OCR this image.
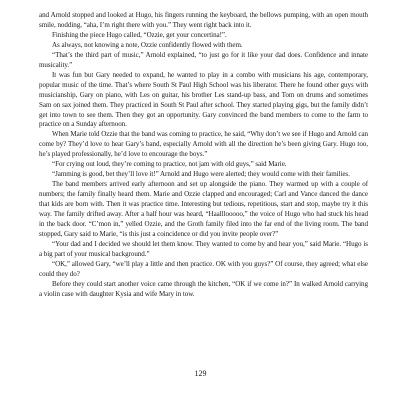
and Arnold stopped and looked at Hugo, his fingers running the keyboard, the bellows pumping, with an open mouth smile, nodding, “aha, I’m right there with you.” They went right back into it.

Finishing the piece Hugo called, “Ozzie, get your concertina!”.

As always, not knowing a note, Ozzie confidently flowed with them.

“That’s the third part of music,” Arnold explained, “to just go for it like your dad does. Confidence and innate musicality.”

It was fun but Gary needed to expand, he wanted to play in a combo with musicians his age, contemporary, popular music of the time. That’s where South St Paul High School was his liberator. There he found other guys with musicianship, Gary on piano, with Les on guitar, his brother Les stand-up bass, and Tom on drums and sometimes Sam on sax joined them. They practiced in South St Paul after school. They started playing gigs, but the family didn’t get into town to see them. Then they got an opportunity. Gary convinced the band members to come to the farm to practice on a Sunday afternoon.

When Marie told Ozzie that the band was coming to practice, he said, “Why don’t we see if Hugo and Arnold can come by? They’d love to hear Gary’s band, especially Arnold with all the direction he’s been giving Gary. Hugo too, he’s played professionally, he’d love to encourage the boys.”

“For crying out loud, they’re coming to practice, not jam with old guys,” said Marie.

“Jamming is good, bet they’ll love it!” Arnold and Hugo were alerted; they would come with their families.

The band members arrived early afternoon and set up alongside the piano. They warmed up with a couple of numbers; the family finally heard them. Marie and Ozzie clapped and encouraged; Carl and Vance danced the dance that kids are born with. Then it was practice time. Interesting but tedious, repetitious, start and stop, maybe try it this way. The family drifted away. After a half hour was heard, “Haalllooooo,” the voice of Hugo who had stuck his head in the back door. “C’mon in,” yelled Ozzie, and the Groth family filed into the far end of the living room. The band stopped, Gary said to Marie, “is this just a coincidence or did you invite people over?”

“Your dad and I decided we should let them know. They wanted to come by and hear you,” said Marie. “Hugo is a big part of your musical background.”

“OK,” allowed Gary, “we’ll play a little and then practice. OK with you guys?” Of course, they agreed; what else could they do?

Before they could start another voice came through the kitchen, “OK if we come in?” In walked Arnold carrying a violin case with daughter Kysia and wife Mary in tow.

129
